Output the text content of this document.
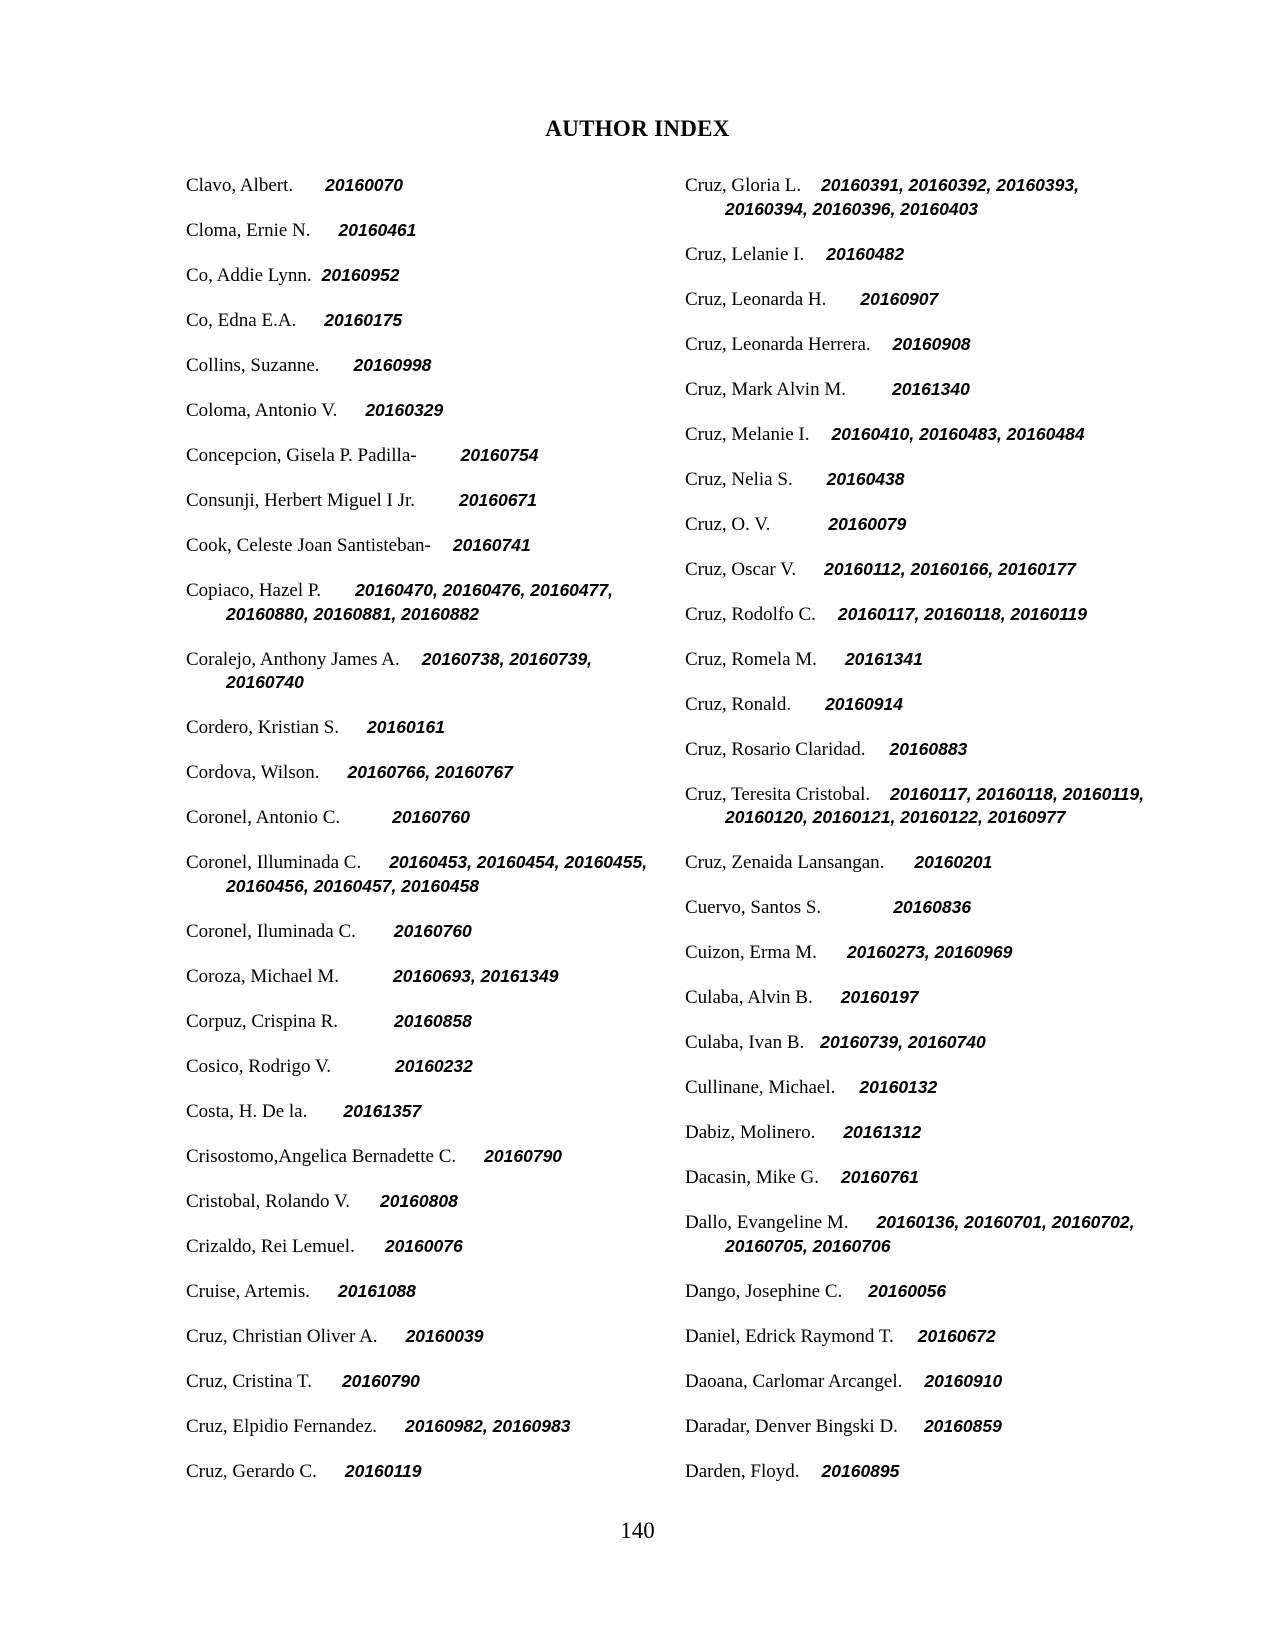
AUTHOR INDEX
Clavo, Albert. 20160070
Cloma, Ernie N. 20160461
Co, Addie Lynn. 20160952
Co, Edna E.A. 20160175
Collins, Suzanne. 20160998
Coloma, Antonio V. 20160329
Concepcion, Gisela P. Padilla-	20160754
Consunji, Herbert Miguel I Jr.	20160671
Cook, Celeste Joan Santisteban- 20160741
Copiaco, Hazel P. 20160470, 20160476, 20160477, 20160880, 20160881, 20160882
Coralejo, Anthony James A. 20160738, 20160739, 20160740
Cordero, Kristian S. 20160161
Cordova, Wilson. 20160766, 20160767
Coronel, Antonio C.	20160760
Coronel, Illuminada C. 20160453, 20160454, 20160455, 20160456, 20160457, 20160458
Coronel, Iluminada C. 20160760
Coroza, Michael M.	20160693, 20161349
Corpuz, Crispina R.	20160858
Cosico, Rodrigo V.	20160232
Costa, H. De la. 20161357
Crisostomo,Angelica Bernadette C. 20160790
Cristobal, Rolando V. 20160808
Crizaldo, Rei Lemuel. 20160076
Cruise, Artemis. 20161088
Cruz, Christian Oliver A. 20160039
Cruz, Cristina T. 20160790
Cruz, Elpidio Fernandez. 20160982, 20160983
Cruz, Gerardo C. 20160119
Cruz, Gloria L. 20160391, 20160392, 20160393, 20160394, 20160396, 20160403
Cruz, Lelanie I. 20160482
Cruz, Leonarda H. 20160907
Cruz, Leonarda Herrera. 20160908
Cruz, Mark Alvin M.	20161340
Cruz, Melanie I. 20160410, 20160483, 20160484
Cruz, Nelia S. 20160438
Cruz, O. V.	20160079
Cruz, Oscar V. 20160112, 20160166, 20160177
Cruz, Rodolfo C. 20160117, 20160118, 20160119
Cruz, Romela M. 20161341
Cruz, Ronald. 20160914
Cruz, Rosario Claridad. 20160883
Cruz, Teresita Cristobal. 20160117, 20160118, 20160119, 20160120, 20160121, 20160122, 20160977
Cruz, Zenaida Lansangan. 20160201
Cuervo, Santos S.	20160836
Cuizon, Erma M. 20160273, 20160969
Culaba, Alvin B. 20160197
Culaba, Ivan B. 20160739, 20160740
Cullinane, Michael. 20160132
Dabiz, Molinero. 20161312
Dacasin, Mike G. 20160761
Dallo, Evangeline M. 20160136, 20160701, 20160702, 20160705, 20160706
Dango, Josephine C. 20160056
Daniel, Edrick Raymond T. 20160672
Daoana, Carlomar Arcangel. 20160910
Daradar, Denver Bingski D. 20160859
Darden, Floyd. 20160895
140
